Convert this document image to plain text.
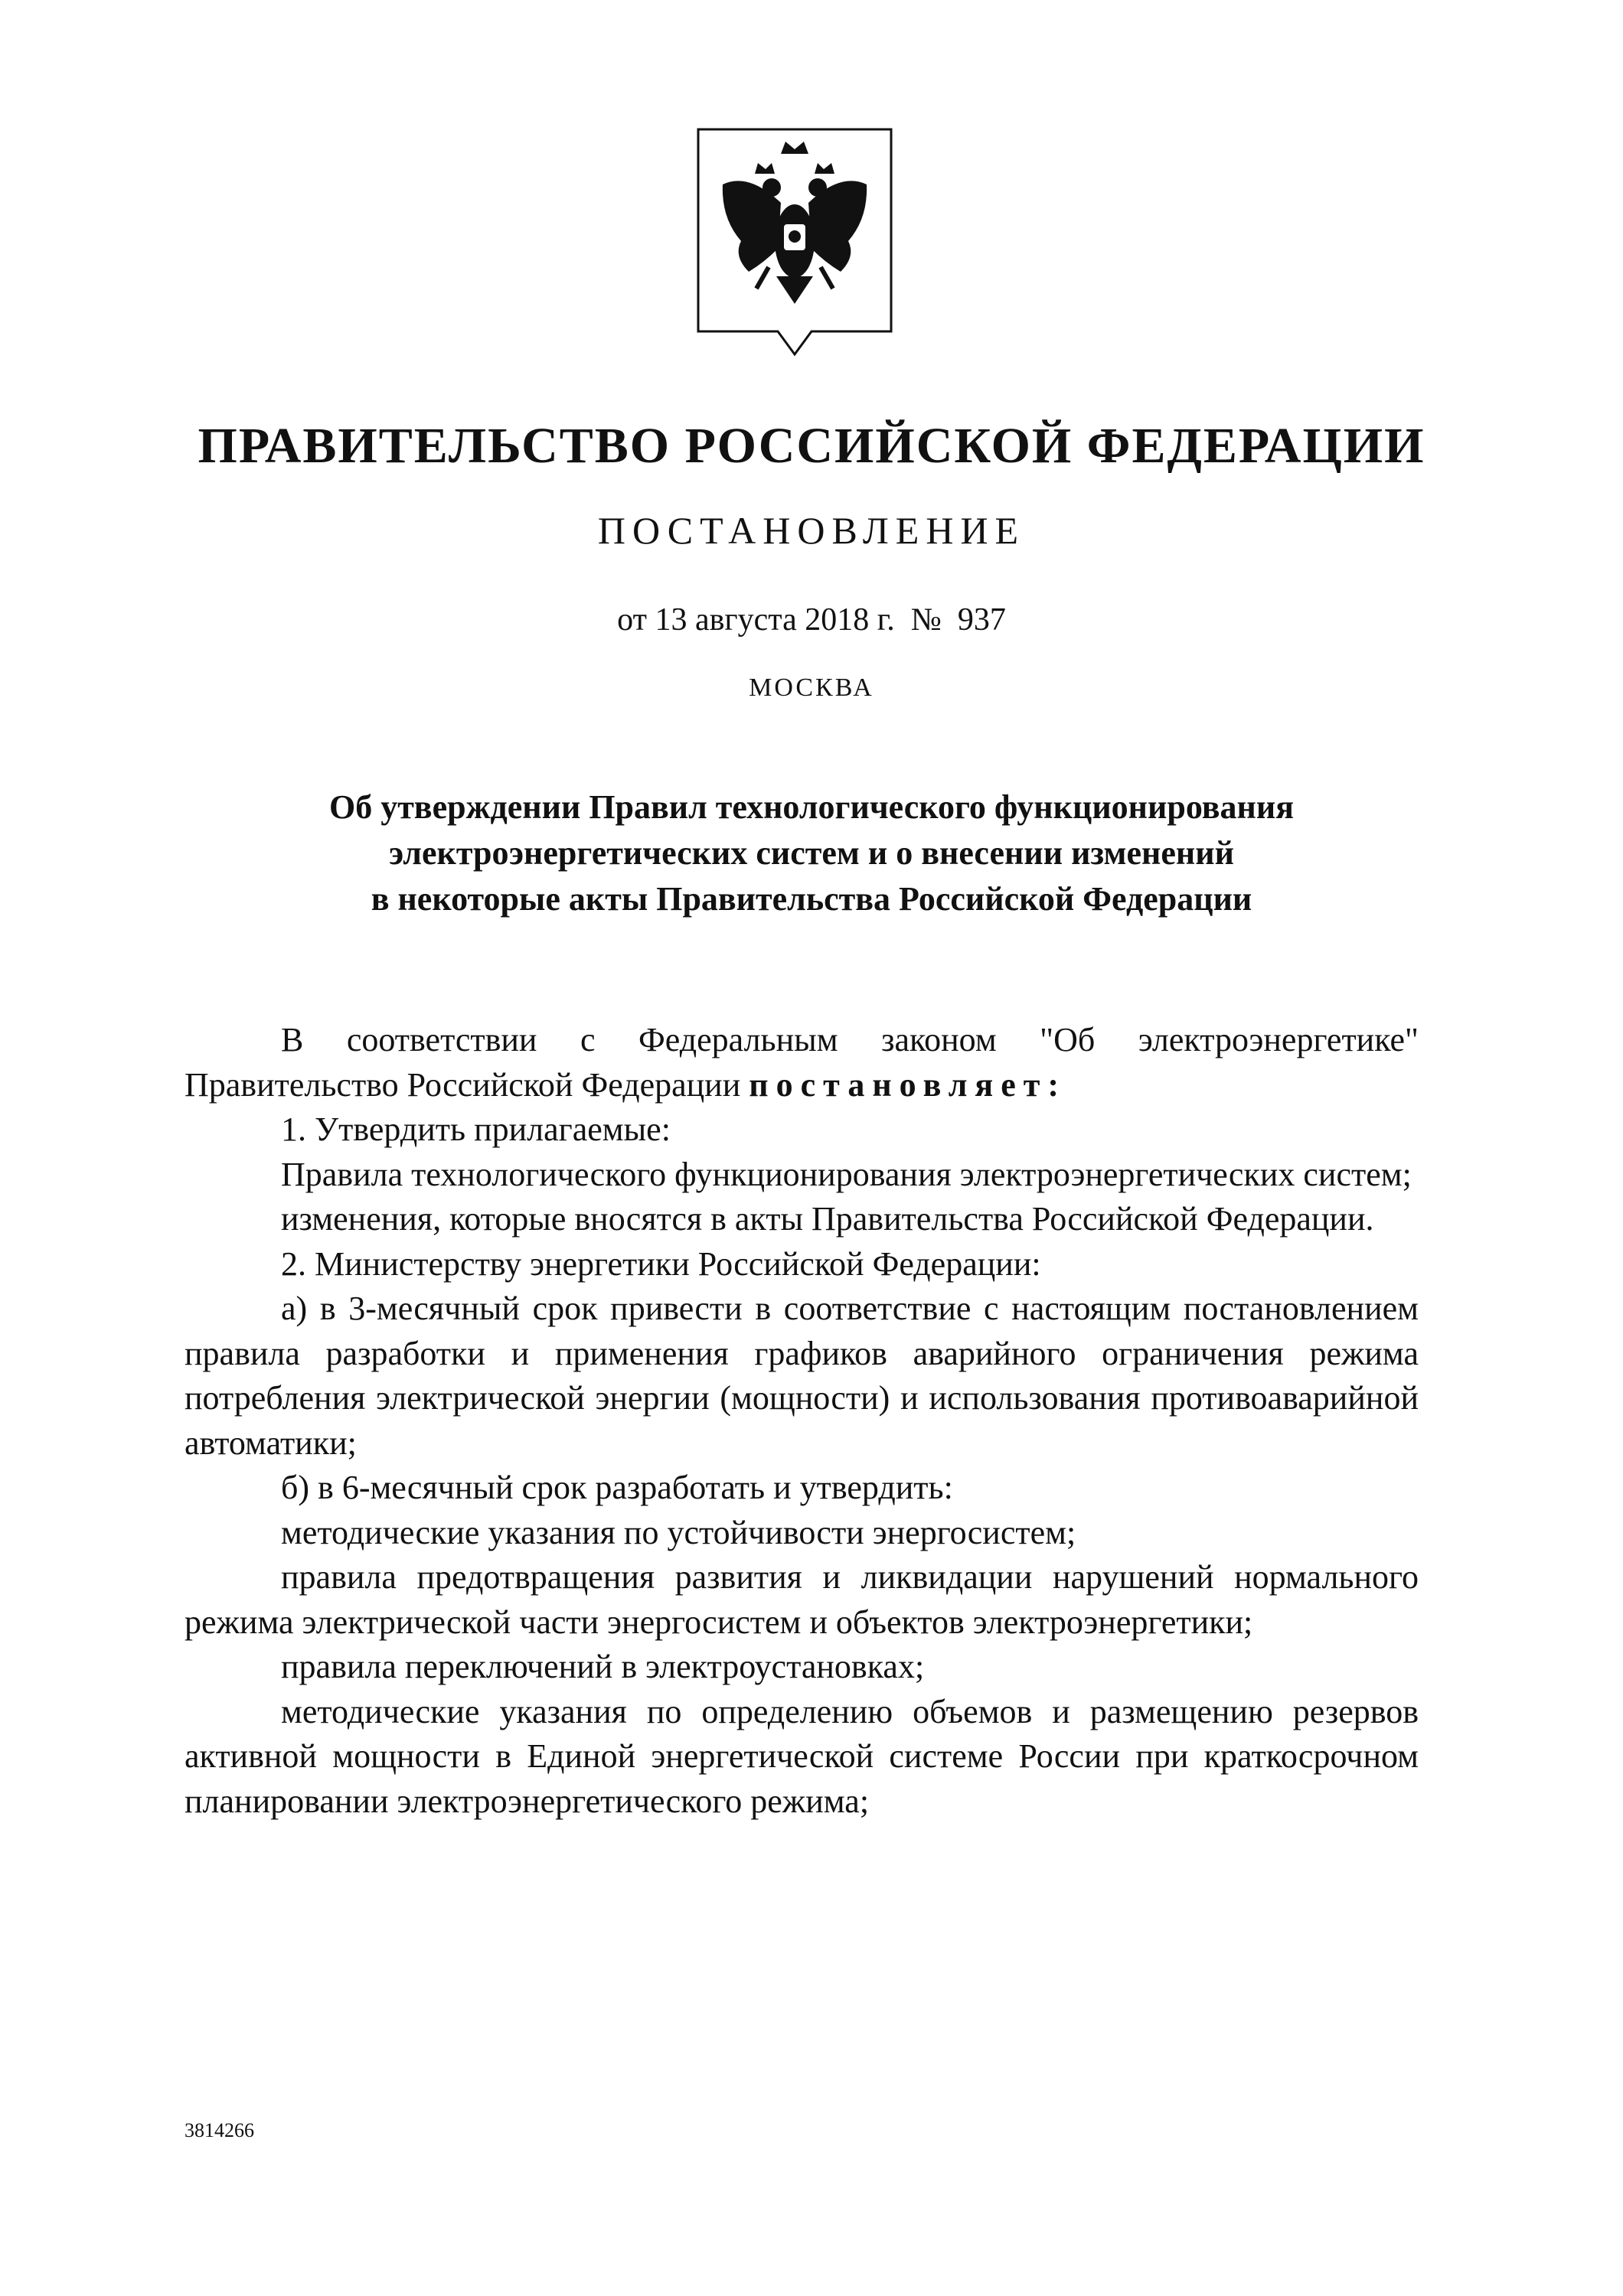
ПРАВИТЕЛЬСТВО РОССИЙСКОЙ ФЕДЕРАЦИИ
ПОСТАНОВЛЕНИЕ
от 13 августа 2018 г.  №  937
МОСКВА
Об утверждении Правил технологического функционирования
электроэнергетических систем и о внесении изменений
в некоторые акты Правительства Российской Федерации

В соответствии с Федеральным законом "Об электроэнергетике"

Правительство Российской Федерации постановляет:

1. Утвердить прилагаемые:

Правила технологического функционирования электроэнергетических систем;

изменения, которые вносятся в акты Правительства Российской Федерации.

2. Министерству энергетики Российской Федерации:

а) в 3-месячный срок привести в соответствие с настоящим постановлением правила разработки и применения графиков аварийного ограничения режима потребления электрической энергии (мощности) и использования противоаварийной автоматики;

б) в 6-месячный срок разработать и утвердить:

методические указания по устойчивости энергосистем;

правила предотвращения развития и ликвидации нарушений нормального режима электрической части энергосистем и объектов электроэнергетики;

правила переключений в электроустановках;

методические указания по определению объемов и размещению резервов активной мощности в Единой энергетической системе России при краткосрочном планировании электроэнергетического режима;

3814266
